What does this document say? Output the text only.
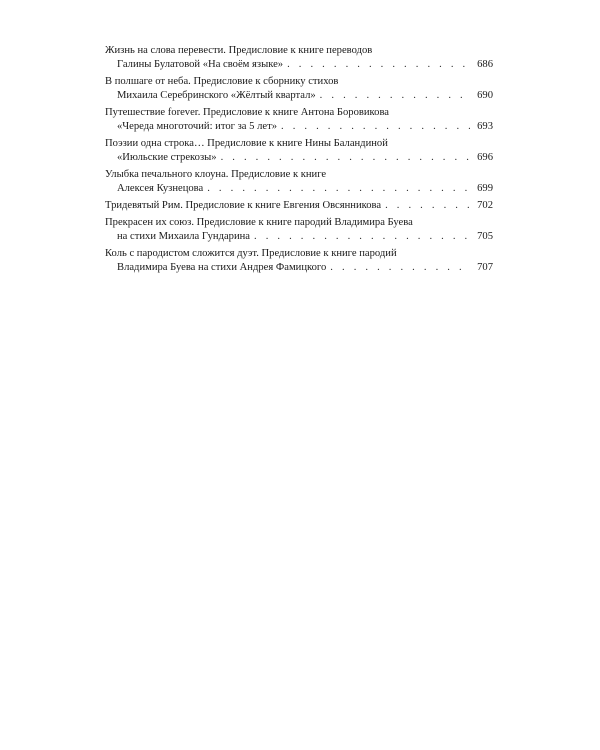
Жизнь на слова перевести. Предисловие к книге переводов
Галины Булатовой «На своём языке» . . .	686
В полшаге от неба. Предисловие к сборнику стихов
Михаила Серебринского «Жёлтый квартал» . . .	690
Путешествие forever. Предисловие к книге Антона Боровикова
«Череда многоточий: итог за 5 лет» . . .	693
Поэзии одна строка… Предисловие к книге Нины Баландиной
«Июльские стрекозы» . . .	696
Улыбка печального клоуна. Предисловие к книге
Алексея Кузнецова . . .	699
Тридевятый Рим. Предисловие к книге Евгения Овсянникова . . .	702
Прекрасен их союз. Предисловие к книге пародий Владимира Буева
на стихи Михаила Гундарина . . .	705
Коль с пародистом сложится дуэт. Предисловие к книге пародий
Владимира Буева на стихи Андрея Фамицкого . . .	707
